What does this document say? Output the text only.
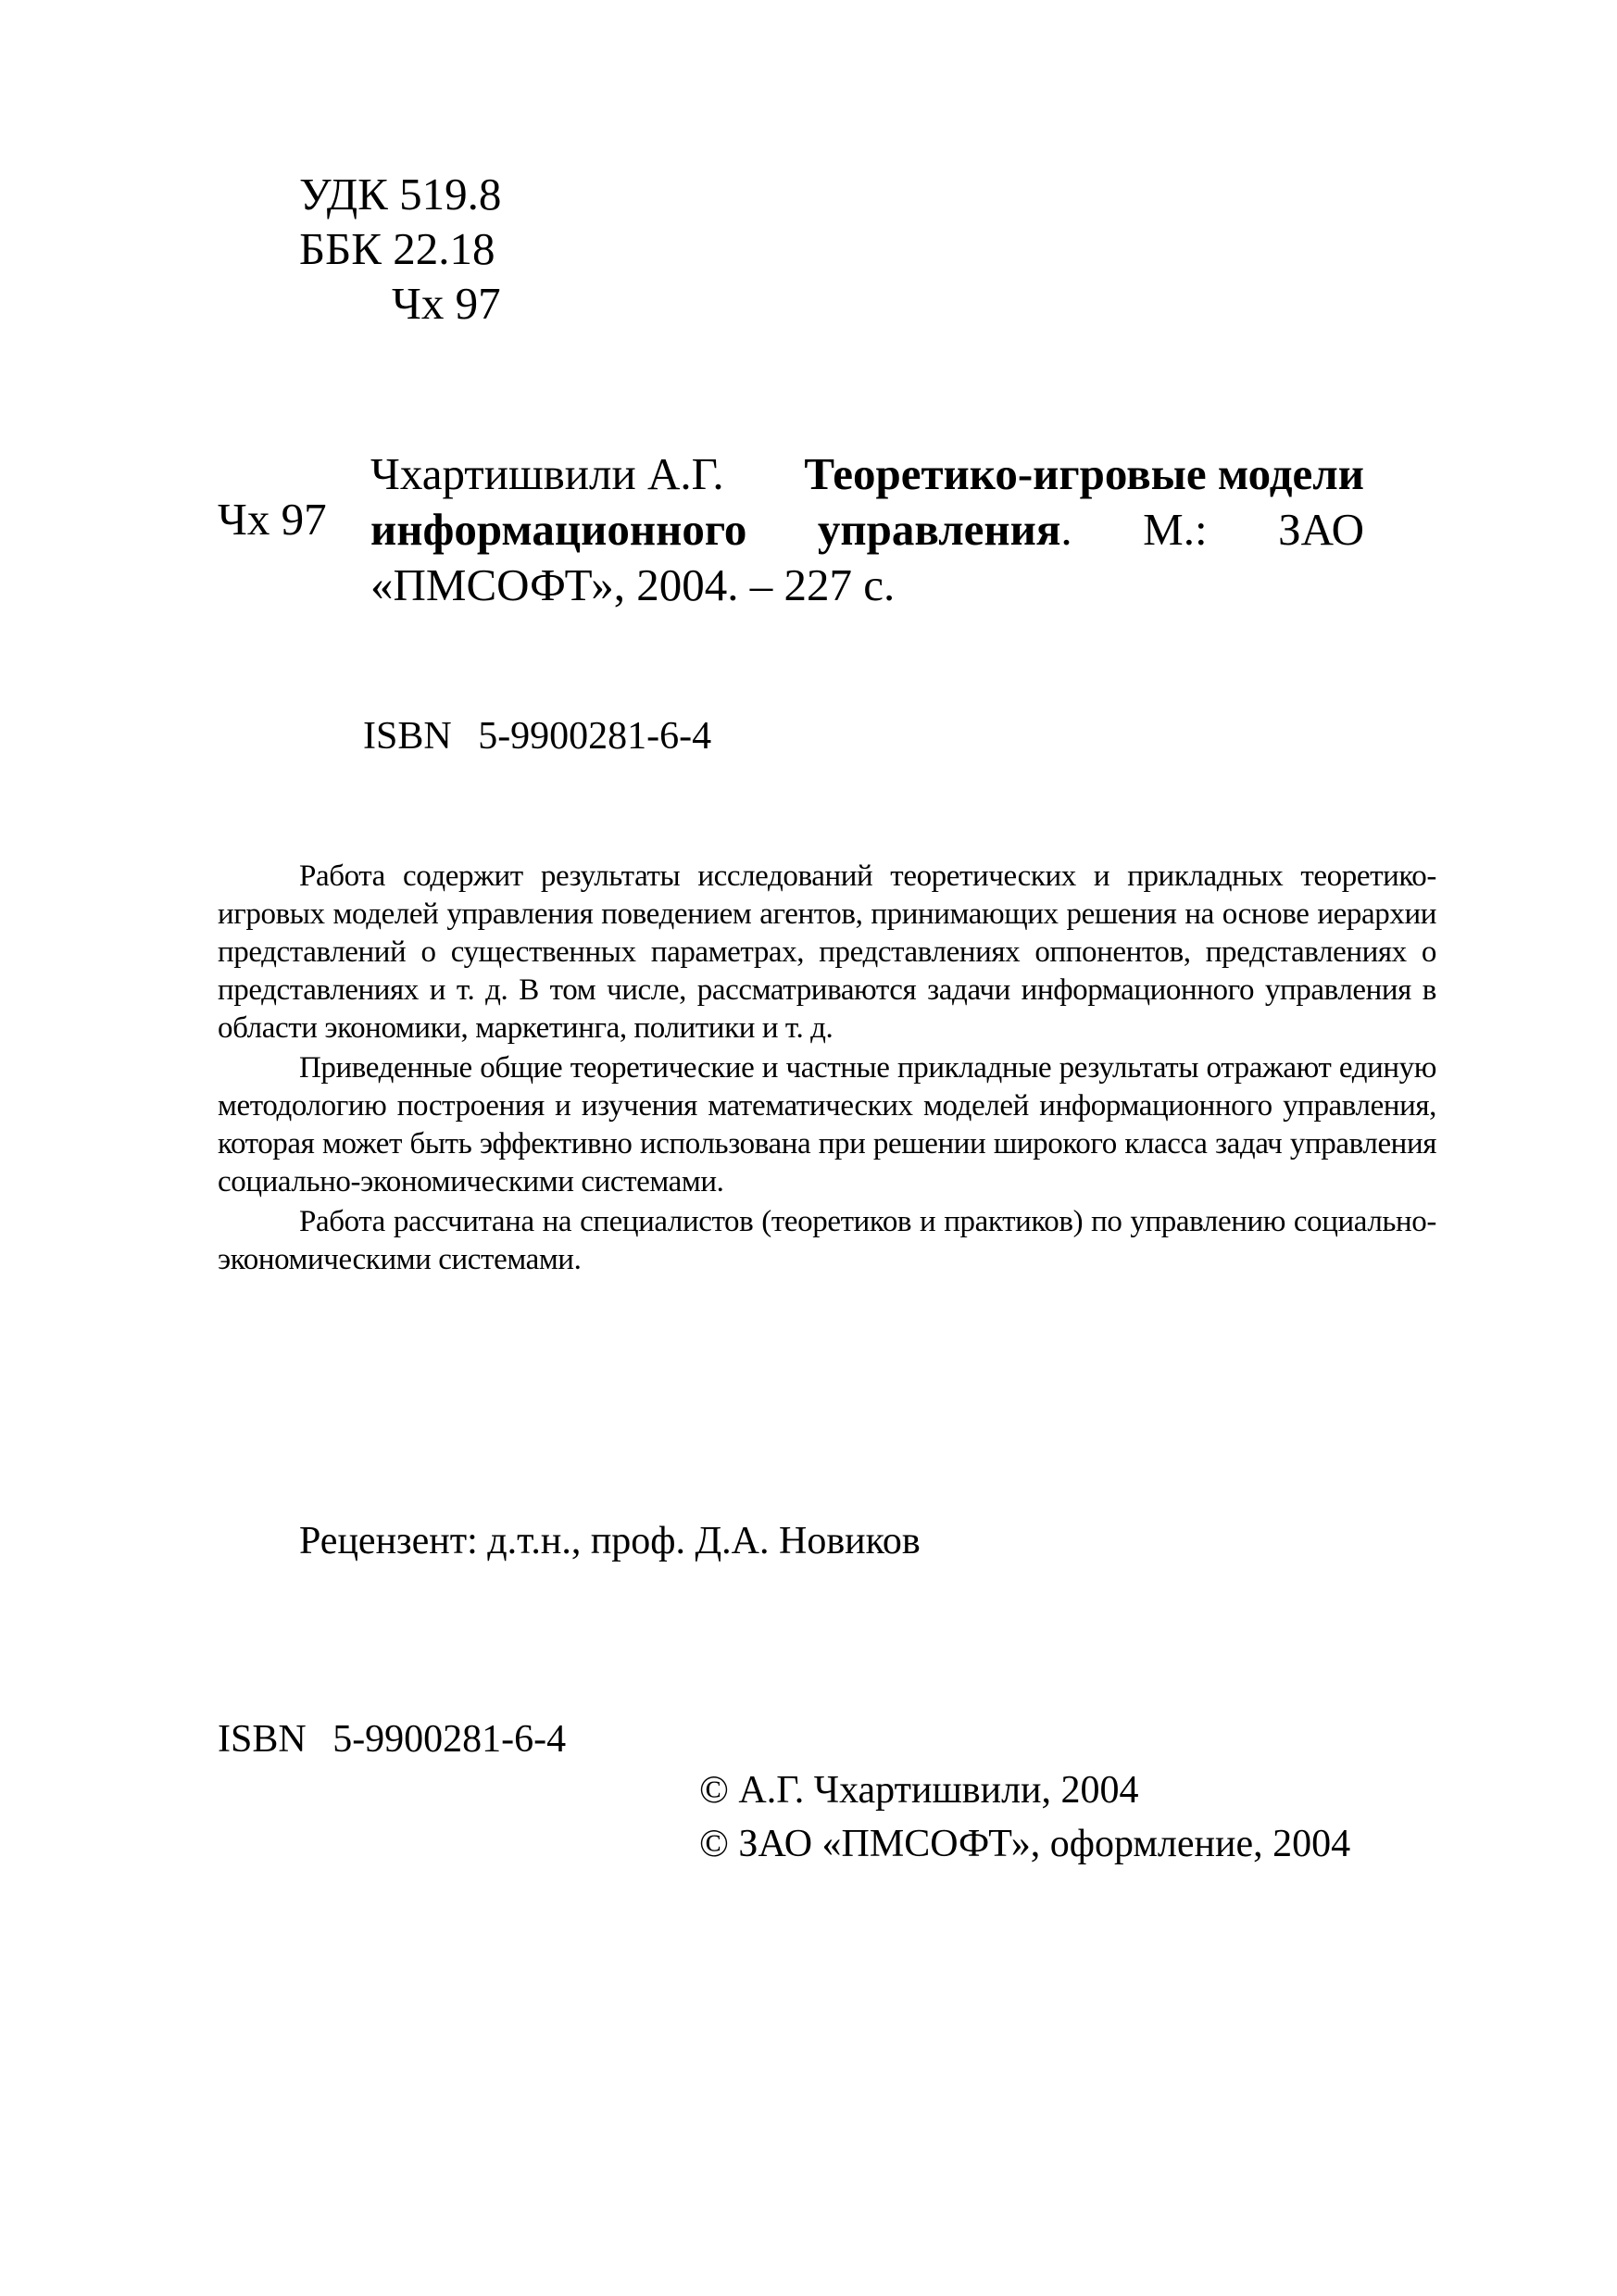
УДК 519.8
ББК 22.18
Чх 97
Чх 97
Чхартишвили А.Г. Теоретико-игровые модели
информационного управления. М.: ЗАО
«ПМСОФТ», 2004. – 227 с.
ISBN 5-9900281-6-4

Работа содержит результаты исследований теоретических и прикладных теоретико-игровых моделей управления поведением агентов, принимающих решения на основе иерархии представлений о существенных параметрах, представлениях оппонентов, представлениях о представлениях и т. д. В том числе, рассматриваются задачи информационного управления в области экономики, маркетинга, политики и т. д.

Приведенные общие теоретические и частные прикладные результаты отражают единую методологию построения и изучения математических моделей информационного управления, которая может быть эффективно использована при решении широкого класса задач управления социально-экономическими системами.

Работа рассчитана на специалистов (теоретиков и практиков) по управлению социально-экономическими системами.

Рецензент: д.т.н., проф. Д.А. Новиков
ISBN 5-9900281-6-4
© А.Г. Чхартишвили, 2004
© ЗАО «ПМСОФТ», оформление, 2004
